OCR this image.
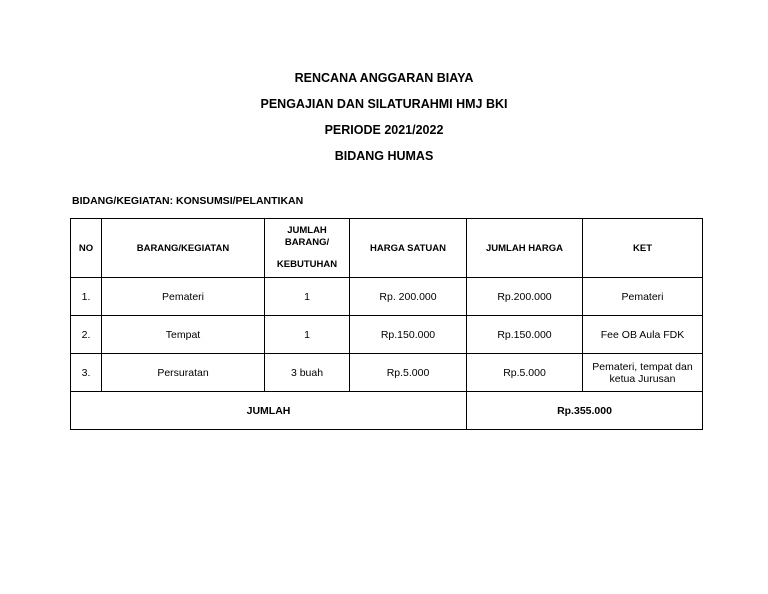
RENCANA ANGGARAN BIAYA
PENGAJIAN DAN SILATURAHMI HMJ BKI
PERIODE 2021/2022
BIDANG HUMAS
BIDANG/KEGIATAN: KONSUMSI/PELANTIKAN
NO	BARANG/KEGIATAN	JUMLAH
BARANG/
KEBUTUHAN	HARGA SATUAN	JUMLAH HARGA	KET
1.	Pemateri	1	Rp. 200.000	Rp.200.000	Pemateri
2.	Tempat	1	Rp.150.000	Rp.150.000	Fee OB Aula FDK
3.	Persuratan	3 buah	Rp.5.000	Rp.5.000	Pemateri, tempat dan ketua Jurusan
JUMLAH				Rp.355.000	
